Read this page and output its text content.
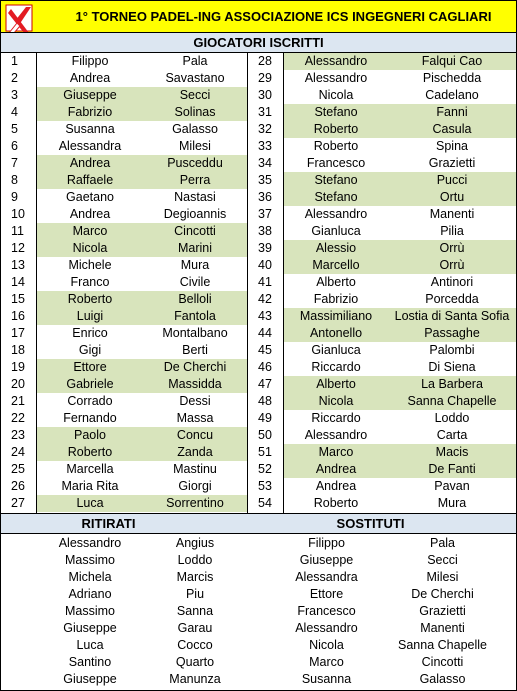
1° TORNEO PADEL-ING ASSOCIAZIONE ICS INGEGNERI CAGLIARI
GIOCATORI ISCRITTI
1	Filippo	Pala	28	Alessandro	Falqui Cao
2	Andrea	Savastano	29	Alessandro	Pischedda
3	Giuseppe	Secci	30	Nicola	Cadelano
4	Fabrizio	Solinas	31	Stefano	Fanni
5	Susanna	Galasso	32	Roberto	Casula
6	Alessandra	Milesi	33	Roberto	Spina
7	Andrea	Pusceddu	34	Francesco	Grazietti
8	Raffaele	Perra	35	Stefano	Pucci
9	Gaetano	Nastasi	36	Stefano	Ortu
10	Andrea	Degioannis	37	Alessandro	Manenti
11	Marco	Cincotti	38	Gianluca	Pilia
12	Nicola	Marini	39	Alessio	Orrù
13	Michele	Mura	40	Marcello	Orrù
14	Franco	Civile	41	Alberto	Antinori
15	Roberto	Belloli	42	Fabrizio	Porcedda
16	Luigi	Fantola	43	Massimiliano	Lostia di Santa Sofia
17	Enrico	Montalbano	44	Antonello	Passaghe
18	Gigi	Berti	45	Gianluca	Palombi
19	Ettore	De Cherchi	46	Riccardo	Di Siena
20	Gabriele	Massidda	47	Alberto	La Barbera
21	Corrado	Dessi	48	Nicola	Sanna Chapelle
22	Fernando	Massa	49	Riccardo	Loddo
23	Paolo	Concu	50	Alessandro	Carta
24	Roberto	Zanda	51	Marco	Macis
25	Marcella	Mastinu	52	Andrea	De Fanti
26	Maria Rita	Giorgi	53	Andrea	Pavan
27	Luca	Sorrentino	54	Roberto	Mura
RITIRATI	SOSTITUTI
Alessandro	Angius	Filippo	Pala
Massimo	Loddo	Giuseppe	Secci
Michela	Marcis	Alessandra	Milesi
Adriano	Piu	Ettore	De Cherchi
Massimo	Sanna	Francesco	Grazietti
Giuseppe	Garau	Alessandro	Manenti
Luca	Cocco	Nicola	Sanna Chapelle
Santino	Quarto	Marco	Cincotti
Giuseppe	Manunza	Susanna	Galasso
